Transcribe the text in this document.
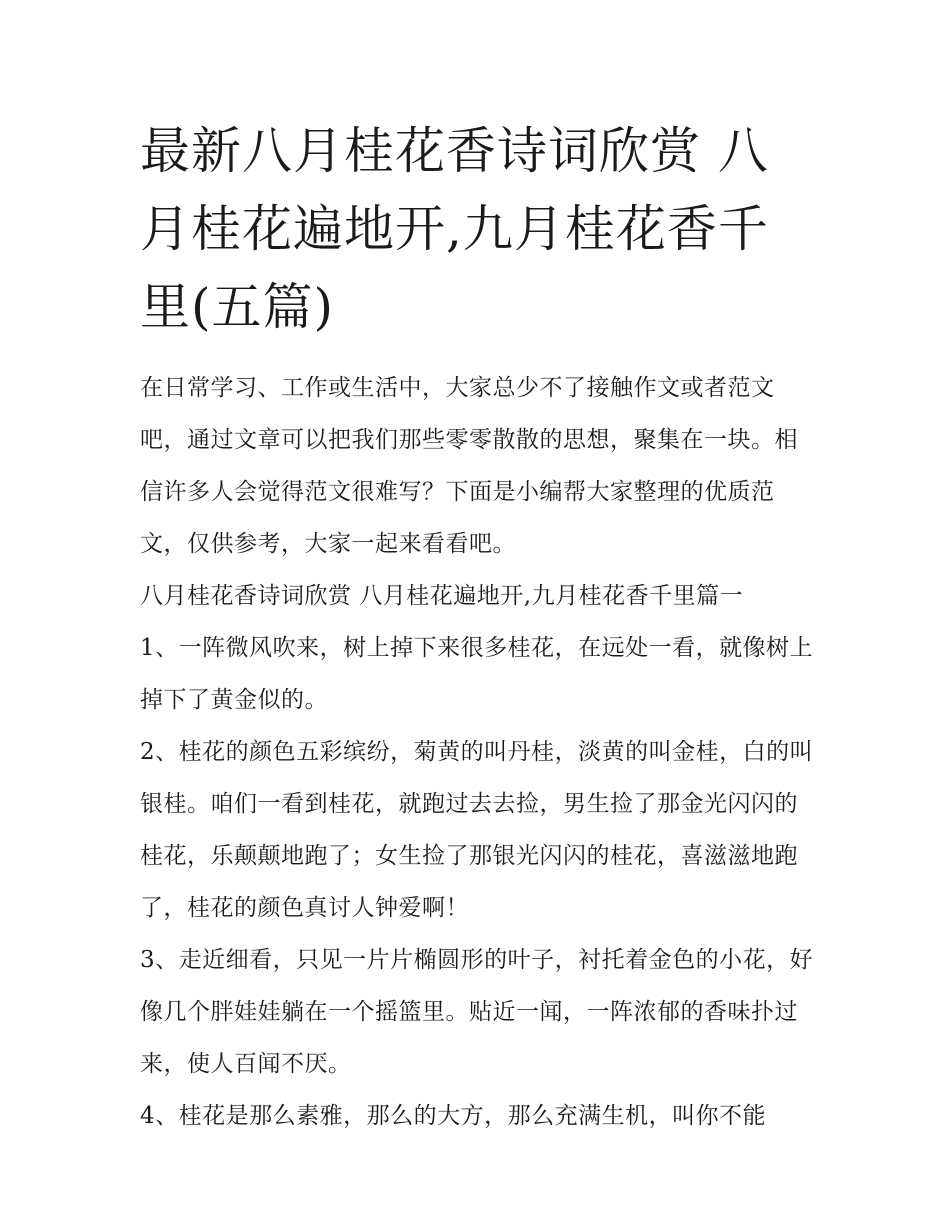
最新八月桂花香诗词欣赏 八月桂花遍地开,九月桂花香千里(五篇)

在日常学习、工作或生活中，大家总少不了接触作文或者范文吧，通过文章可以把我们那些零零散散的思想，聚集在一块。相信许多人会觉得范文很难写？下面是小编帮大家整理的优质范文，仅供参考，大家一起来看看吧。

八月桂花香诗词欣赏 八月桂花遍地开,九月桂花香千里篇一

1、一阵微风吹来，树上掉下来很多桂花，在远处一看，就像树上掉下了黄金似的。

2、桂花的颜色五彩缤纷，菊黄的叫丹桂，淡黄的叫金桂，白的叫银桂。咱们一看到桂花，就跑过去去捡，男生捡了那金光闪闪的桂花，乐颠颠地跑了；女生捡了那银光闪闪的桂花，喜滋滋地跑了，桂花的颜色真讨人钟爱啊！

3、走近细看，只见一片片椭圆形的叶子，衬托着金色的小花，好像几个胖娃娃躺在一个摇篮里。贴近一闻，一阵浓郁的香味扑过来，使人百闻不厌。

4、桂花是那么素雅，那么的大方，那么充满生机，叫你不能
